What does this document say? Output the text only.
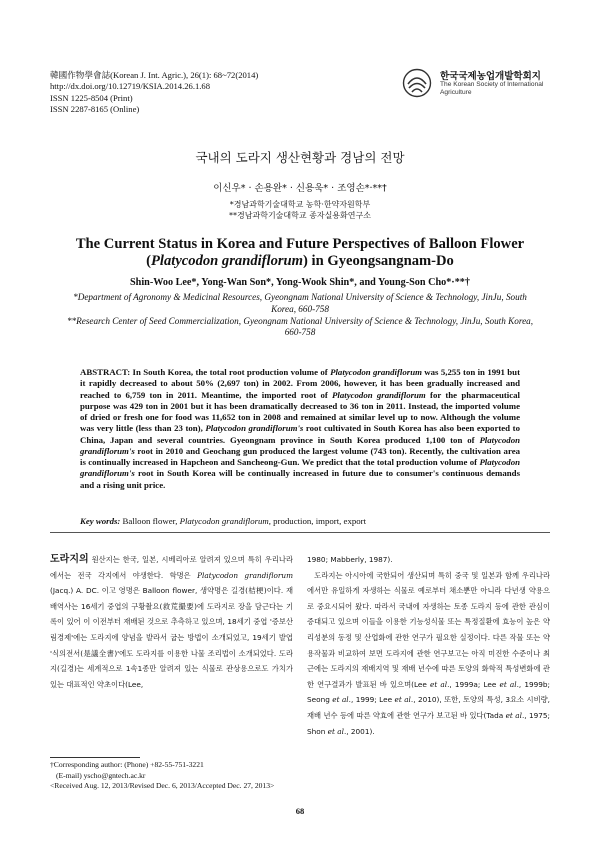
韓國作物學會誌(Korean J. Int. Agric.), 26(1): 68~72(2014)
http://dx.doi.org/10.12719/KSIA.2014.26.1.68
ISSN 1225-8504 (Print)
ISSN 2287-8165 (Online)
한국국제농업개발학회지
The Korean Society of International Agriculture
국내의 도라지 생산현황과 경남의 전망
이신우* · 손용완* · 신용욱* · 조영손*·**†
*경남과학기술대학교 농학·한약자원학부
**경남과학기술대학교 종자실용화연구소
The Current Status in Korea and Future Perspectives of Balloon Flower
(Platycodon grandiflorum) in Gyeongsangnam-Do
Shin-Woo Lee*, Yong-Wan Son*, Yong-Wook Shin*, and Young-Son Cho*·**†
*Department of Agronomy & Medicinal Resources, Gyeongnam National University of Science & Technology, JinJu, South Korea, 660-758
**Research Center of Seed Commercialization, Gyeongnam National University of Science & Technology, JinJu, South Korea, 660-758
ABSTRACT: In South Korea, the total root production volume of Platycodon grandiflorum was 5,255 ton in 1991 but it rapidly decreased to about 50% (2,697 ton) in 2002. From 2006, however, it has been gradually increased and reached to 6,759 ton in 2011. Meantime, the imported root of Platycodon grandiflorum for the pharmaceutical purpose was 429 ton in 2001 but it has been dramatically decreased to 36 ton in 2011. Instead, the imported volume of dried or fresh one for food was 11,652 ton in 2008 and remained at similar level up to now. Although the volume was very little (less than 23 ton), Platycodon grandiflorum's root cultivated in South Korea has also been exported to China, Japan and several countries. Gyeongnam province in South Korea produced 1,100 ton of Platycodon grandiflorum's root in 2010 and Geochang gun produced the largest volume (743 ton). Recently, the cultivation area is continually increased in Hapcheon and Sancheong-Gun. We predict that the total production volume of Platycodon grandiflorum's root in South Korea will be continually increased in future due to consumer's continuous demands and a rising unit price.
Key words: Balloon flower, Platycodon grandiflorum, production, import, export
도라지의 원산지는 한국, 일본, 시베리아로 알려져 있으며 특히 우리나라에서는 전국 각지에서 야생한다. 학명은 Platycodon grandiflorum (Jacq.) A. DC. 이고 영명은 Balloon flower, 생약명은 길경(桔梗)이다. 재배역사는 16세기 중엽의 구황촬요(救荒撮要)에 도라지로 장을 담근다는 기록이 있어 이 이전부터 재배된 것으로 추측하고 있으며, 18세기 중엽 '증보산림경제'에는 도라지에 양념을 발라서 굽는 방법이 소개되었고, 19세기 발엽 '식의전서(是議全書)'에도 도라지를 이용한 나물 조리법이 소개되었다. 도라지(길경)는 세계적으로 1속1종만 알려져 있는 식물로 관상용으로도 가치가 있는 대표적인 약초이다(Lee,
1980; Mabberly, 1987).
도라지는 아시아에 국한되어 생산되며 특히 중국 및 일본과 함께 우리나라에서만 유일하게 자생하는 식물로 예로부터 채소뿐만 아니라 다년생 약용으로 중요시되어 왔다. 따라서 국내에 자생하는 토종 도라지 등에 관한 관심이 증대되고 있으며 이들을 이용한 기능성식물 또는 특정질환에 효능이 높은 약리성분의 동정 및 산업화에 관한 연구가 필요한 실정이다. 다른 작물 또는 약용작물과 비교하여 보면 도라지에 관한 연구보고는 아직 미진한 수준이나 최근에는 도라지의 재배지역 및 재배 년수에 따른 토양의 화학적 특성변화에 관한 연구결과가 발표된 바 있으며(Lee et al., 1999a; Lee et al., 1999b; Seong et al., 1999; Lee et al., 2010), 또한, 토양의 특성, 3요소 시비량, 재배 년수 등에 따른 약효에 관한 연구가 보고된 바 있다(Tada et al., 1975; Shon et al., 2001).
†Corresponding author: (Phone) +82-55-751-3221
(E-mail) yscho@gntech.ac.kr
<Received Aug. 12, 2013/Revised Dec. 6, 2013/Accepted Dec. 27, 2013>
68
